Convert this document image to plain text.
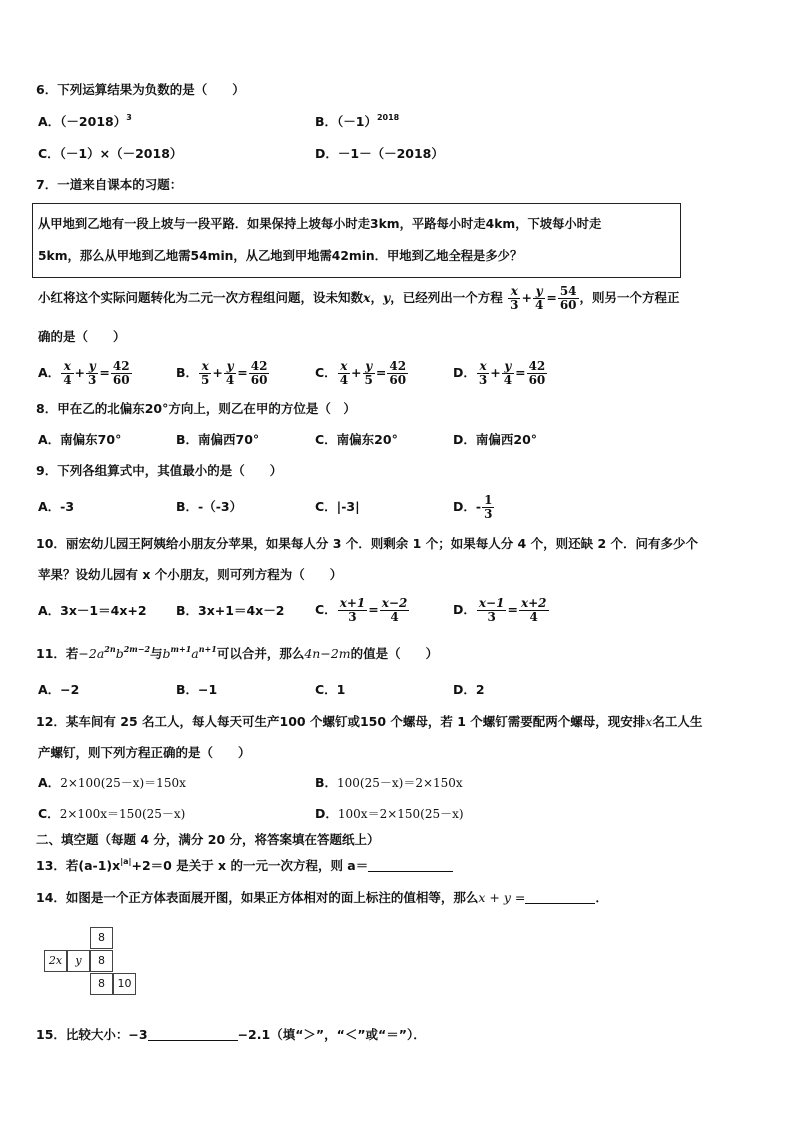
6．下列运算结果为负数的是（　　）
A．$(-2018)^3$	B．$(-1)^{2018}$
C．（－1）×（－2018）	D．－1－（－2018）
7．一道来自课本的习题：
从甲地到乙地有一段上坡与一段平路．如果保持上坡每小时走3km，平路每小时走4km，下坡每小时走
5km，那么从甲地到乙地需54min，从乙地到甲地需42min．甲地到乙地全程是多少？
小红将这个实际问题转化为二元一次方程组问题，设未知数x，y，已经列出一个方程 $\frac{x}{3} + \frac{y}{4} = \frac{54}{60}$ ，则另一个方程正
确的是（　　）
A． $\frac{x}{4} + \frac{y}{3} = \frac{42}{60}$	B． $\frac{x}{5} + \frac{y}{4} = \frac{42}{60}$	C． $\frac{x}{4} + \frac{y}{5} = \frac{42}{60}$	D． $\frac{x}{3} + \frac{y}{4} = \frac{42}{60}$
8．甲在乙的北偏东20°方向上，则乙在甲的方位是（　）
A．南偏东70°	B．南偏西70°	C．南偏东20°	D．南偏西20°
9．下列各组算式中，其值最小的是（　　）
A．-3	B．-（-3）	C．|-3|	D．- $\frac{1}{3}$
10．丽宏幼儿园王阿姨给小朋友分苹果，如果每人分 3 个．则剩余 1 个；如果每人分 4 个，则还缺 2 个．问有多少个
苹果？设幼儿园有 x 个小朋友，则可列方程为（　　）
A．3x－1＝4x+2 B．3x+1＝4x－2 C． $\frac{x+1}{3} = \frac{x-2}{4}$	D． $\frac{x-1}{3} = \frac{x+2}{4}$
11．若$-2a^{2n}b^{2m-2}$与$b^{m+1}a^{n+1}$可以合并，那么4n−2m的值是（　　）
A．−2	B．−1	C．1	D．2
12．某车间有 25 名工人，每人每天可生产100 个螺钉或150 个螺母，若 1 个螺钉需要配两个螺母，现安排x名工人生
产螺钉，则下列方程正确的是（　　）
A．2×100(25－x)＝150x	B．100(25－x)＝2×150x
C．2×100x＝150(25－x)	D．100x＝2×150(25－x)
二、填空题（每题 4 分，满分 20 分，将答案填在答题纸上）
13．若$(a-1)x^{|a|}+2=0$ 是关于 x 的一元一次方程，则 a＝
14．如图是一个正方体表面展开图，如果正方体相对的面上标注的值相等，那么x + y =	．
8
2x	y	8
8	10
15．比较大小：−3	−2.1（填“＞”，“＜”或“＝”）．
